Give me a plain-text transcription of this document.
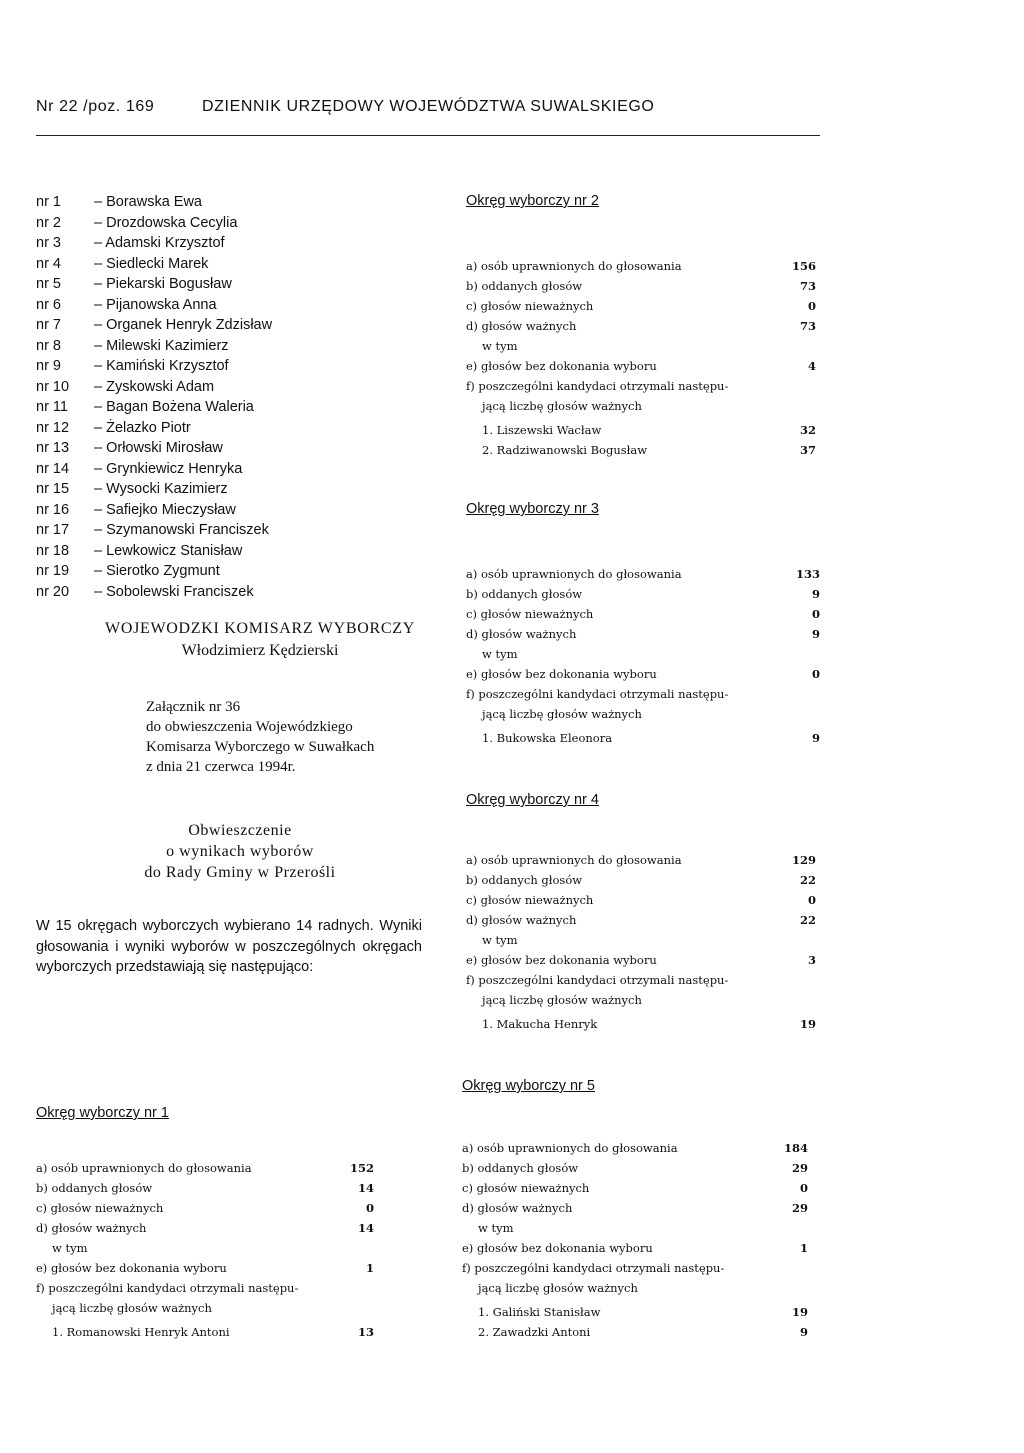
Nr 22 /poz. 169	DZIENNIK URZĘDOWY WOJEWÓDZTWA SUWALSKIEGO
nr 1 – Borawska Ewa
nr 2 – Drozdowska Cecylia
nr 3 – Adamski Krzysztof
nr 4 – Siedlecki Marek
nr 5 – Piekarski Bogusław
nr 6 – Pijanowska Anna
nr 7 – Organek Henryk Zdzisław
nr 8 – Milewski Kazimierz
nr 9 – Kamiński Krzysztof
nr 10 – Zyskowski Adam
nr 11 – Bagan Bożena Waleria
nr 12 – Żelazko Piotr
nr 13 – Orłowski Mirosław
nr 14 – Grynkiewicz Henryka
nr 15 – Wysocki Kazimierz
nr 16 – Safiejko Mieczysław
nr 17 – Szymanowski Franciszek
nr 18 – Lewkowicz Stanisław
nr 19 – Sierotko Zygmunt
nr 20 – Sobolewski Franciszek
WOJEWODZKI KOMISARZ WYBORCZY
Włodzimierz Kędzierski
Załącznik nr 36
do obwieszczenia Wojewódzkiego
Komisarza Wyborczego w Suwałkach
z dnia 21 czerwca 1994r.
Obwieszczenie
o wynikach wyborów
do Rady Gminy w Przerośli
W 15 okręgach wyborczych wybierano 14 radnych. Wyniki głosowania i wyniki wyborów w poszczególnych okręgach wyborczych przedstawiają się następująco:
Okręg wyborczy nr 1
a) osób uprawnionych do głosowania	152
b) oddanych głosów	14
c) głosów nieważnych	0
d) głosów ważnych	14
w tym
e) głosów bez dokonania wyboru	1
f) poszczególni kandydaci otrzymali następu-
jącą liczbę głosów ważnych
1. Romanowski Henryk Antoni	13
Okręg wyborczy nr 2
a) osób uprawnionych do głosowania	156
b) oddanych głosów	73
c) głosów nieważnych	0
d) głosów ważnych	73
w tym
e) głosów bez dokonania wyboru	4
f) poszczególni kandydaci otrzymali następu-
jącą liczbę głosów ważnych
1. Liszewski Wacław	32
2. Radziwanowski Bogusław	37
Okręg wyborczy nr 3
a) osób uprawnionych do głosowania	133
b) oddanych głosów	9
c) głosów nieważnych	0
d) głosów ważnych	9
w tym
e) głosów bez dokonania wyboru	0
f) poszczególni kandydaci otrzymali następu-
jącą liczbę głosów ważnych
1. Bukowska Eleonora	9
Okręg wyborczy nr 4
a) osób uprawnionych do głosowania	129
b) oddanych głosów	22
c) głosów nieważnych	0
d) głosów ważnych	22
w tym
e) głosów bez dokonania wyboru	3
f) poszczególni kandydaci otrzymali następu-
jącą liczbę głosów ważnych
1. Makucha Henryk	19
Okręg wyborczy nr 5
a) osób uprawnionych do głosowania	184
b) oddanych głosów	29
c) głosów nieważnych	0
d) głosów ważnych	29
w tym
e) głosów bez dokonania wyboru	1
f) poszczególni kandydaci otrzymali następu-
jącą liczbę głosów ważnych
1. Galiński Stanisław	19
2. Zawadzki Antoni	9
